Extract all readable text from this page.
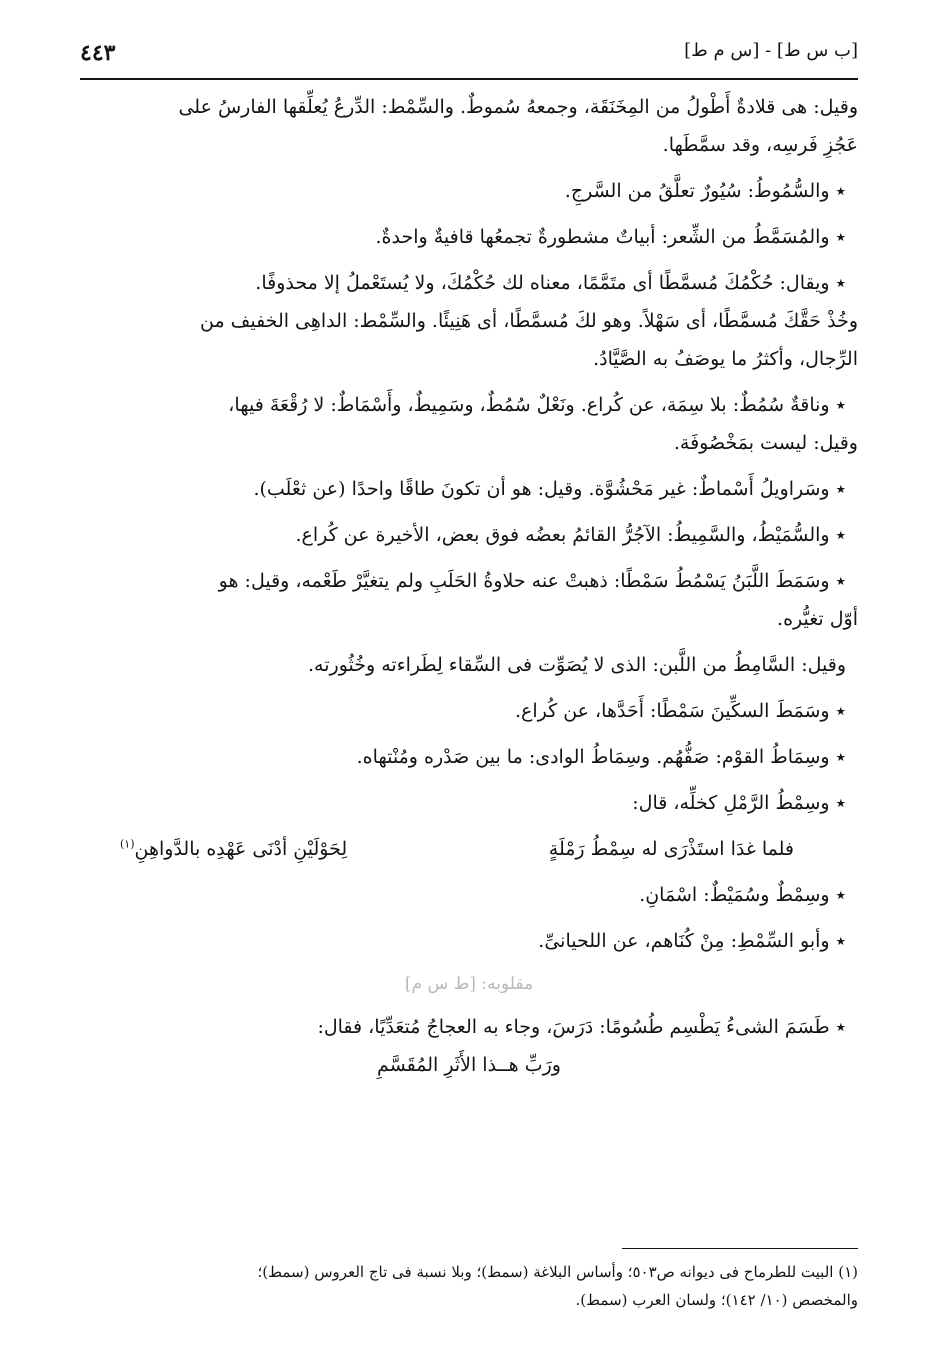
٤٤٣	[ب س ط] - [س م ط]
وقيل: هى قلادةٌ أَطْولُ من المِخَنَقَة، وجمعهُ سُموطٌ. والسِّمْط: الدِّرعُ يُعلِّقها الفارسُ على
عَجُزِ فَرسِه، وقد سمَّطَها.
٭ والسُّمُوطُ: سُيُورٌ تعلَّقُ من السَّرجِ.
٭ والمُسَمَّطُ من الشِّعر: أبياتٌ مشطورةٌ تجمعُها قافيةٌ واحدةٌ.
٭ ويقال: حُكْمُكَ مُسمَّطًا أى متَمَّمًا، معناه لك حُكْمُكَ، ولا يُستَعْملُ إلا محذوفًا.
وخُذْ حَقَّكَ مُسمَّطًا، أى سَهْلاً. وهو لكَ مُسمَّطًا، أى هَنِيئًا. والسِّمْط: الداهِى الخفيف من
الرِّجال، وأكثرُ ما يوصَفُ به الصَّيَّادُ.
٭ وناقةٌ سُمُطٌ: بلا سِمَة، عن كُراع. ونَعْلٌ سُمُطٌ، وسَمِيطٌ، وأَسْمَاطٌ: لا رُقْعَةَ فيها،
وقيل: ليست بمَخْصُوفَة.
٭ وسَراويلُ أَسْماطٌ: غير مَحْشُوَّة. وقيل: هو أن تكونَ طاقًا واحدًا (عن ثعْلَب).
٭ والسُّمَيْطُ، والسَّمِيطُ: الآجُرُّ القائمُ بعضُه فوق بعض، الأخيرة عن كُراع.
٭ وسَمَطَ اللَّبَنُ يَسْمُطُ سَمْطًا: ذهبتْ عنه حلاوةُ الحَلَبِ ولم يتغيَّرْ طَعْمه، وقيل: هو
أوّل تغيُّره.
وقيل: السَّامِطُ من اللَّبن: الذى لا يُصَوِّت فى السِّقاء لِطَراءته وخُثُورته.
٭ وسَمَطَ السكِّينَ سَمْطًا: أَحَدَّها، عن كُراع.
٭ وسِمَاطُ القوْم: صَفُّهُم. وسِمَاطُ الوادى: ما بين صَدْره ومُنْتهاه.
٭ وسِمْطُ الرَّمْلِ كخلِّه، قال:
فلما غدَا استَذْرَى له سِمْطُ رَمْلَةٍ
لِحَوْلَيْنِ أدْنَى عَهْدِه بالدَّواهِنِ$^{(١)}$
٭ وسِمْطٌ وسُمَيْطٌ: اسْمَانِ.
٭ وأبو السِّمْطِ: مِنْ كُنَاهم، عن اللحيانىِّ.
مقلوبه: [ط س م]
٭ طَسَمَ الشىءُ يَطْسِم طُسُومًا: دَرَسَ، وجاء به العجاجُ مُتعَدِّيًا، فقال:
ورَبِّ هــذا الأَثَرِ المُقَسَّمِ
(١) البيت للطرماح فى ديوانه ص٥٠٣؛ وأساس البلاغة (سمط)؛ وبلا نسبة فى تاج العروس (سمط)؛
والمخصص (١٠/ ١٤٢)؛ ولسان العرب (سمط).
